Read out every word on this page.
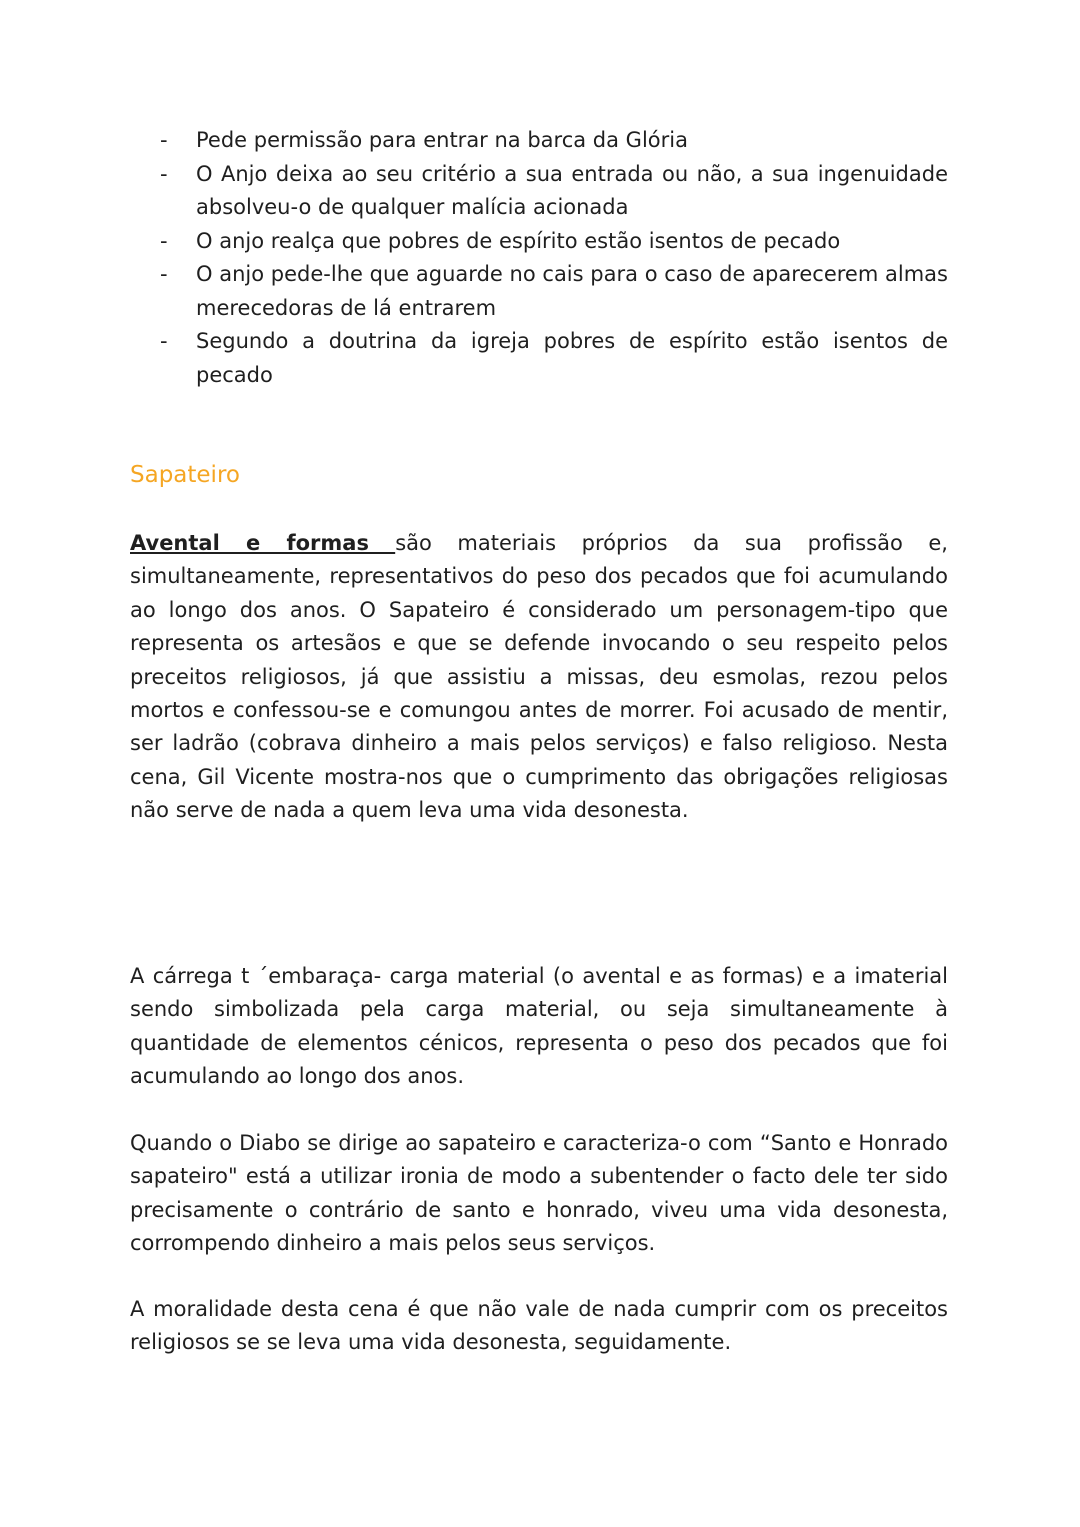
- Pede permissão para entrar na barca da Glória
- O Anjo deixa ao seu critério a sua entrada ou não, a sua ingenuidade absolveu-o de qualquer malícia acionada
- O anjo realça que pobres de espírito estão isentos de pecado
- O anjo pede-lhe que aguarde no cais para o caso de aparecerem almas merecedoras de lá entrarem
- Segundo a doutrina da igreja pobres de espírito estão isentos de pecado
Sapateiro

Avental e formas são materiais próprios da sua profissão e, simultaneamente, representativos do peso dos pecados que foi acumulando ao longo dos anos. O Sapateiro é considerado um personagem-tipo que representa os artesãos e que se defende invocando o seu respeito pelos preceitos religiosos, já que assistiu a missas, deu esmolas, rezou pelos mortos e confessou-se e comungou antes de morrer. Foi acusado de mentir, ser ladrão (cobrava dinheiro a mais pelos serviços) e falso religioso. Nesta cena, Gil Vicente mostra-nos que o cumprimento das obrigações religiosas não serve de nada a quem leva uma vida desonesta.

A cárrega t ´embaraça- carga material (o avental e as formas) e a imaterial sendo simbolizada pela carga material, ou seja simultaneamente à quantidade de elementos cénicos, representa o peso dos pecados que foi acumulando ao longo dos anos.

Quando o Diabo se dirige ao sapateiro e caracteriza-o com “Santo e Honrado sapateiro" está a utilizar ironia de modo a subentender o facto dele ter sido precisamente o contrário de santo e honrado, viveu uma vida desonesta, corrompendo dinheiro a mais pelos seus serviços.

A moralidade desta cena é que não vale de nada cumprir com os preceitos religiosos se se leva uma vida desonesta, seguidamente.
